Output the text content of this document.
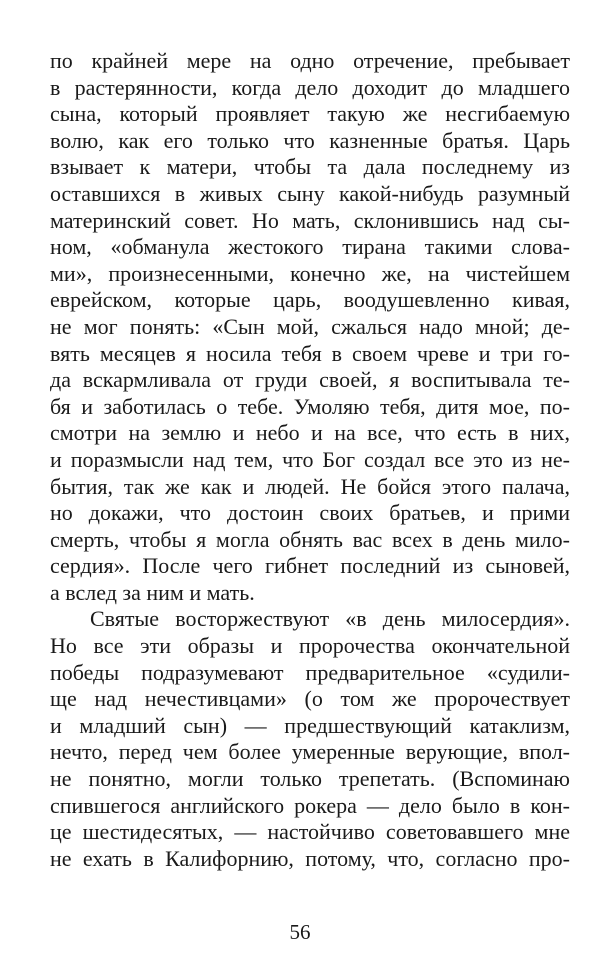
по крайней мере на одно отречение, пребывает
в растерянности, когда дело доходит до младшего
сына, который проявляет такую же несгибаемую
волю, как его только что казненные братья. Царь
взывает к матери, чтобы та дала последнему из
оставшихся в живых сыну какой-нибудь разумный
материнский совет. Но мать, склонившись над сы-
ном, «обманула жестокого тирана такими слова-
ми», произнесенными, конечно же, на чистейшем
еврейском, которые царь, воодушевленно кивая,
не мог понять: «Сын мой, сжалься надо мной; де-
вять месяцев я носила тебя в своем чреве и три го-
да вскармливала от груди своей, я воспитывала те-
бя и заботилась о тебе. Умоляю тебя, дитя мое, по-
смотри на землю и небо и на все, что есть в них,
и поразмысли над тем, что Бог создал все это из не-
бытия, так же как и людей. Не бойся этого палача,
но докажи, что достоин своих братьев, и прими
смерть, чтобы я могла обнять вас всех в день мило-
сердия». После чего гибнет последний из сыновей,
а вслед за ним и мать.
Святые восторжествуют «в день милосердия».
Но все эти образы и пророчества окончательной
победы подразумевают предварительное «судили-
ще над нечестивцами» (о том же пророчествует
и младший сын) — предшествующий катаклизм,
нечто, перед чем более умеренные верующие, впол-
не понятно, могли только трепетать. (Вспоминаю
спившегося английского рокера — дело было в кон-
це шестидесятых, — настойчиво советовавшего мне
не ехать в Калифорнию, потому, что, согласно про-
56
